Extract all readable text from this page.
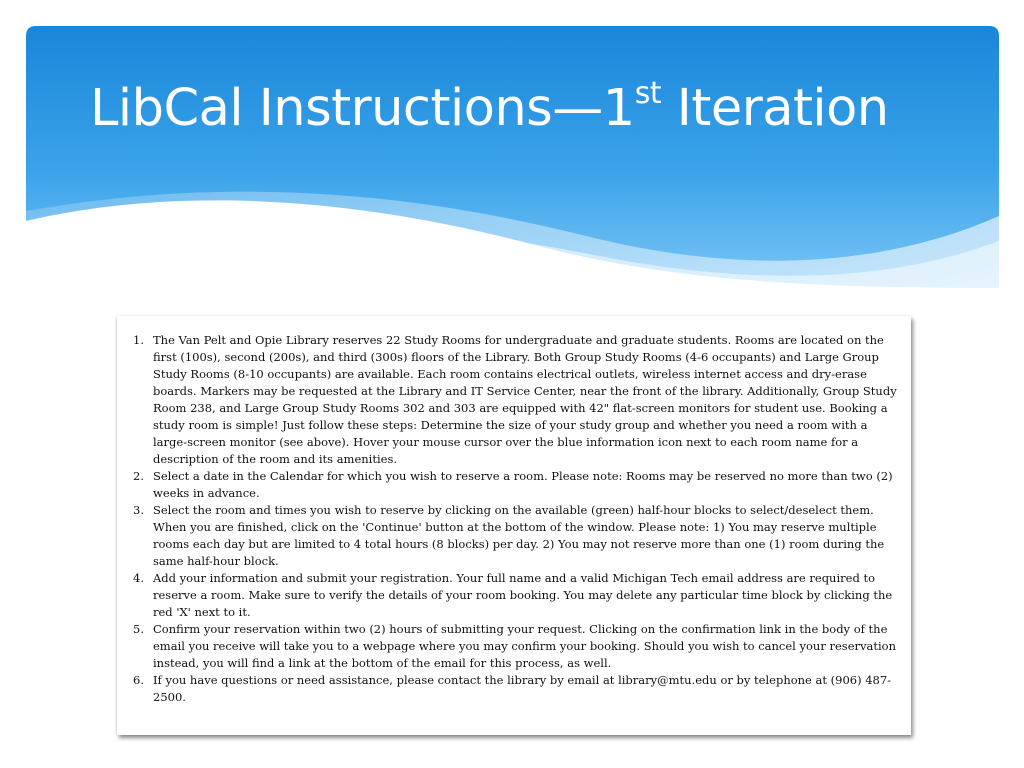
LibCal Instructions—1st Iteration
The Van Pelt and Opie Library reserves 22 Study Rooms for undergraduate and graduate students. Rooms are located on the first (100s), second (200s), and third (300s) floors of the Library. Both Group Study Rooms (4-6 occupants) and Large Group Study Rooms (8-10 occupants) are available. Each room contains electrical outlets, wireless internet access and dry-erase boards. Markers may be requested at the Library and IT Service Center, near the front of the library. Additionally, Group Study Room 238, and Large Group Study Rooms 302 and 303 are equipped with 42" flat-screen monitors for student use. Booking a study room is simple! Just follow these steps: Determine the size of your study group and whether you need a room with a large-screen monitor (see above). Hover your mouse cursor over the blue information icon next to each room name for a description of the room and its amenities.
Select a date in the Calendar for which you wish to reserve a room. Please note: Rooms may be reserved no more than two (2) weeks in advance.
Select the room and times you wish to reserve by clicking on the available (green) half-hour blocks to select/deselect them. When you are finished, click on the 'Continue' button at the bottom of the window. Please note: 1) You may reserve multiple rooms each day but are limited to 4 total hours (8 blocks) per day. 2) You may not reserve more than one (1) room during the same half-hour block.
Add your information and submit your registration. Your full name and a valid Michigan Tech email address are required to reserve a room. Make sure to verify the details of your room booking. You may delete any particular time block by clicking the red 'X' next to it.
Confirm your reservation within two (2) hours of submitting your request. Clicking on the confirmation link in the body of the email you receive will take you to a webpage where you may confirm your booking. Should you wish to cancel your reservation instead, you will find a link at the bottom of the email for this process, as well.
If you have questions or need assistance, please contact the library by email at library@mtu.edu or by telephone at (906) 487-2500.
